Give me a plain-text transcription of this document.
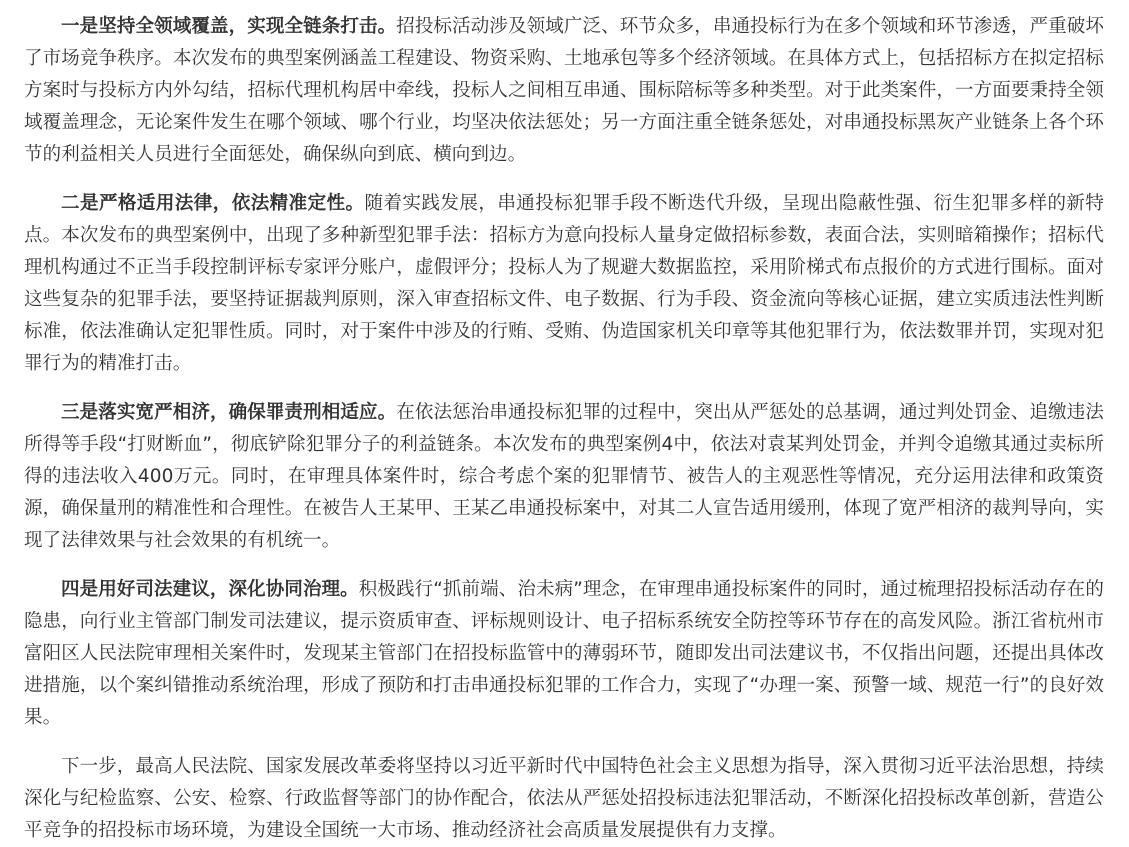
一是坚持全领域覆盖，实现全链条打击。招投标活动涉及领域广泛、环节众多，串通投标行为在多个领域和环节渗透，严重破坏了市场竞争秩序。本次发布的典型案例涵盖工程建设、物资采购、土地承包等多个经济领域。在具体方式上，包括招标方在拟定招标方案时与投标方内外勾结，招标代理机构居中牵线，投标人之间相互串通、围标陪标等多种类型。对于此类案件，一方面要秉持全领域覆盖理念，无论案件发生在哪个领域、哪个行业，均坚决依法惩处；另一方面注重全链条惩处，对串通投标黑灰产业链条上各个环节的利益相关人员进行全面惩处，确保纵向到底、横向到边。

二是严格适用法律，依法精准定性。随着实践发展，串通投标犯罪手段不断迭代升级，呈现出隐蔽性强、衍生犯罪多样的新特点。本次发布的典型案例中，出现了多种新型犯罪手法：招标方为意向投标人量身定做招标参数，表面合法，实则暗箱操作；招标代理机构通过不正当手段控制评标专家评分账户，虚假评分；投标人为了规避大数据监控，采用阶梯式布点报价的方式进行围标。面对这些复杂的犯罪手法，要坚持证据裁判原则，深入审查招标文件、电子数据、行为手段、资金流向等核心证据，建立实质违法性判断标准，依法准确认定犯罪性质。同时，对于案件中涉及的行贿、受贿、伪造国家机关印章等其他犯罪行为，依法数罪并罚，实现对犯罪行为的精准打击。

三是落实宽严相济，确保罪责刑相适应。在依法惩治串通投标犯罪的过程中，突出从严惩处的总基调，通过判处罚金、追缴违法所得等手段“打财断血”，彻底铲除犯罪分子的利益链条。本次发布的典型案例4中，依法对袁某判处罚金，并判令追缴其通过卖标所得的违法收入400万元。同时，在审理具体案件时，综合考虑个案的犯罪情节、被告人的主观恶性等情况，充分运用法律和政策资源，确保量刑的精准性和合理性。在被告人王某甲、王某乙串通投标案中，对其二人宣告适用缓刑，体现了宽严相济的裁判导向，实现了法律效果与社会效果的有机统一。

四是用好司法建议，深化协同治理。积极践行“抓前端、治未病”理念，在审理串通投标案件的同时，通过梳理招投标活动存在的隐患，向行业主管部门制发司法建议，提示资质审查、评标规则设计、电子招标系统安全防控等环节存在的高发风险。浙江省杭州市富阳区人民法院审理相关案件时，发现某主管部门在招投标监管中的薄弱环节，随即发出司法建议书，不仅指出问题，还提出具体改进措施，以个案纠错推动系统治理，形成了预防和打击串通投标犯罪的工作合力，实现了“办理一案、预警一域、规范一行”的良好效果。

下一步，最高人民法院、国家发展改革委将坚持以习近平新时代中国特色社会主义思想为指导，深入贯彻习近平法治思想，持续深化与纪检监察、公安、检察、行政监督等部门的协作配合，依法从严惩处招投标违法犯罪活动，不断深化招投标改革创新，营造公平竞争的招投标市场环境，为建设全国统一大市场、推动经济社会高质量发展提供有力支撑。
